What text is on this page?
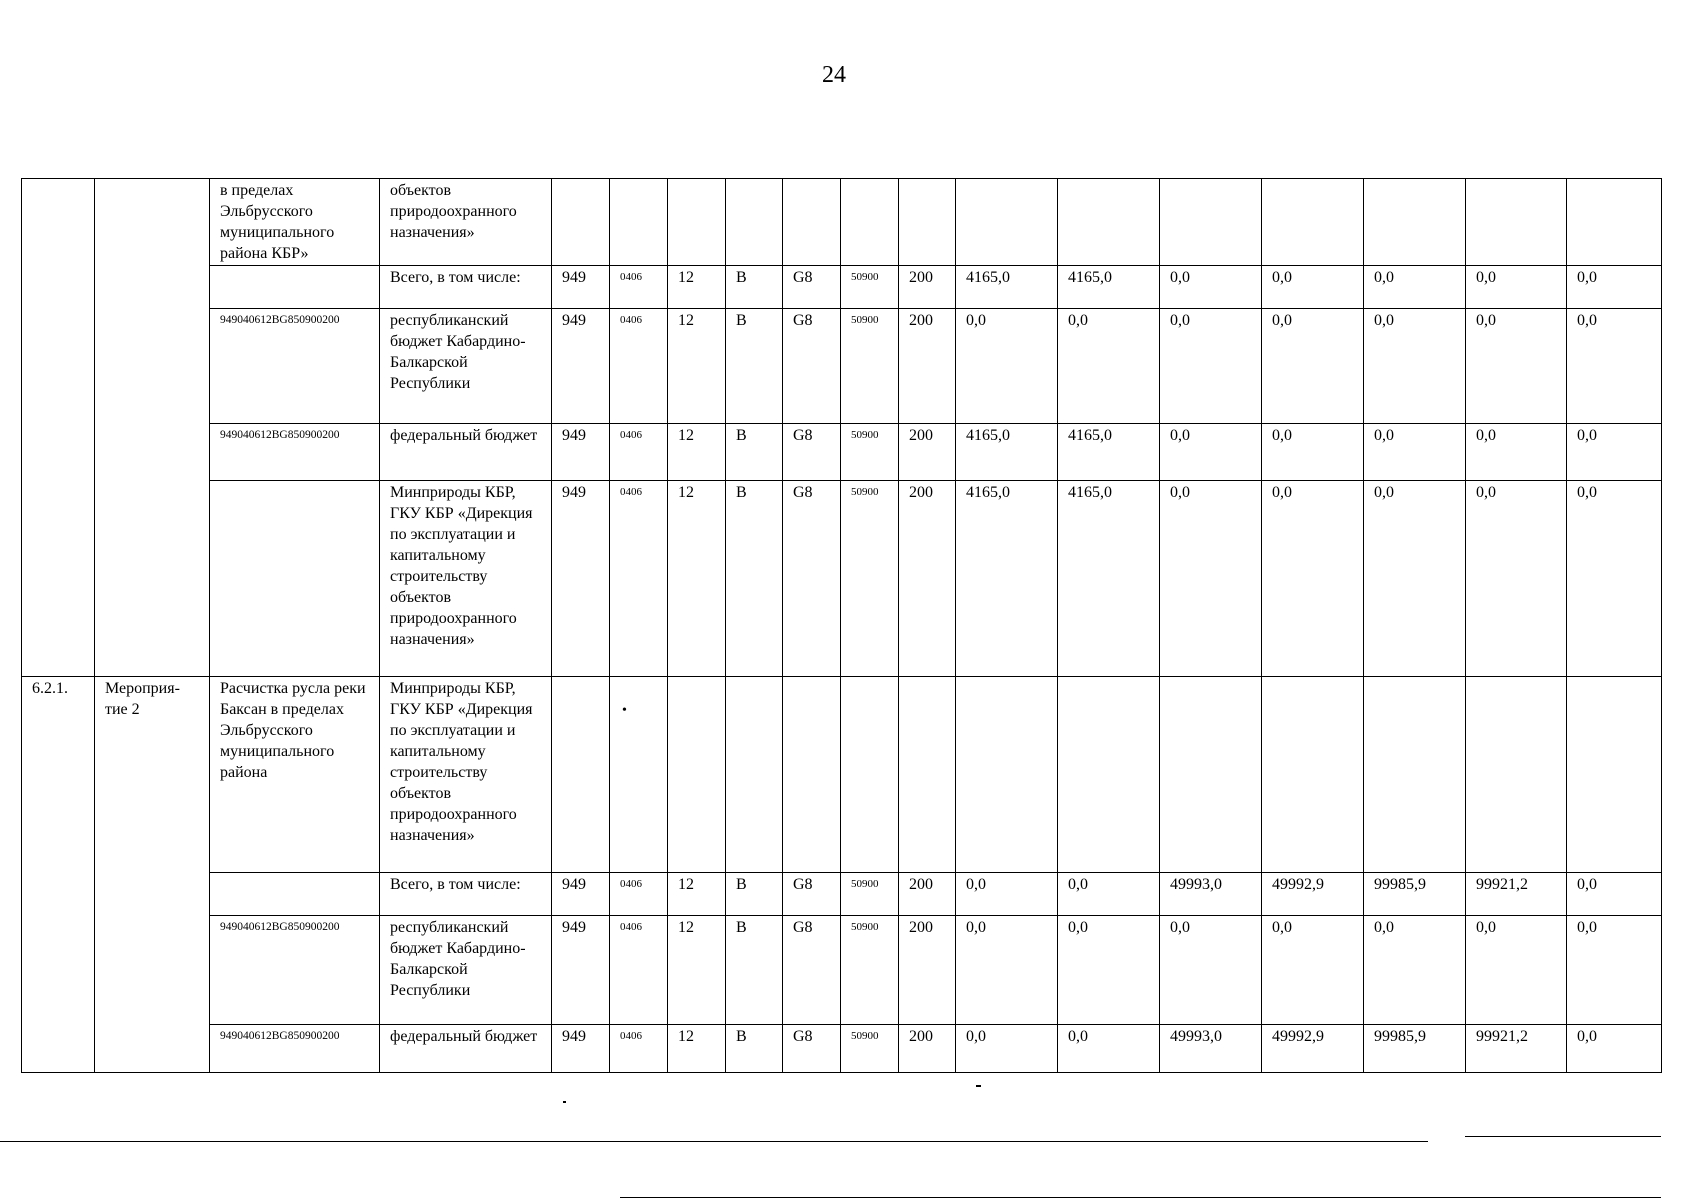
24
		в пределах Эльбрусского муниципального района КБР»	объектов природоохранного назначения»														
			Всего, в том числе:	949	0406	12	В	G8	50900	200	4165,0	4165,0	0,0	0,0	0,0	0,0	0,0
		949040612BG850900200	республиканский бюджет Кабардино-Балкарской Республики	949	0406	12	В	G8	50900	200	0,0	0,0	0,0	0,0	0,0	0,0	0,0
		949040612BG850900200	федеральный бюджет	949	0406	12	В	G8	50900	200	4165,0	4165,0	0,0	0,0	0,0	0,0	0,0
			Минприроды КБР, ГКУ КБР «Дирекция по эксплуатации и капитальному строительству объектов природоохранного назначения»	949	0406	12	В	G8	50900	200	4165,0	4165,0	0,0	0,0	0,0	0,0	0,0
6.2.1.	Мероприя-тие 2	Расчистка русла реки Баксан в пределах Эльбрусского муниципального района	Минприроды КБР, ГКУ КБР «Дирекция по эксплуатации и капитальному строительству объектов природоохранного назначения»		•												

			Всего, в том числе:	949	0406	12	В	G8	50900	200	0,0	0,0	49993,0	49992,9	99985,9	99921,2	0,0
		949040612BG850900200	республиканский бюджет Кабардино-Балкарской Республики	949	0406	12	В	G8	50900	200	0,0	0,0	0,0	0,0	0,0	0,0	0,0
		949040612BG850900200	федеральный бюджет	949	0406	12	В	G8	50900	200	0,0	0,0	49993,0	49992,9	99985,9	99921,2	0,0
